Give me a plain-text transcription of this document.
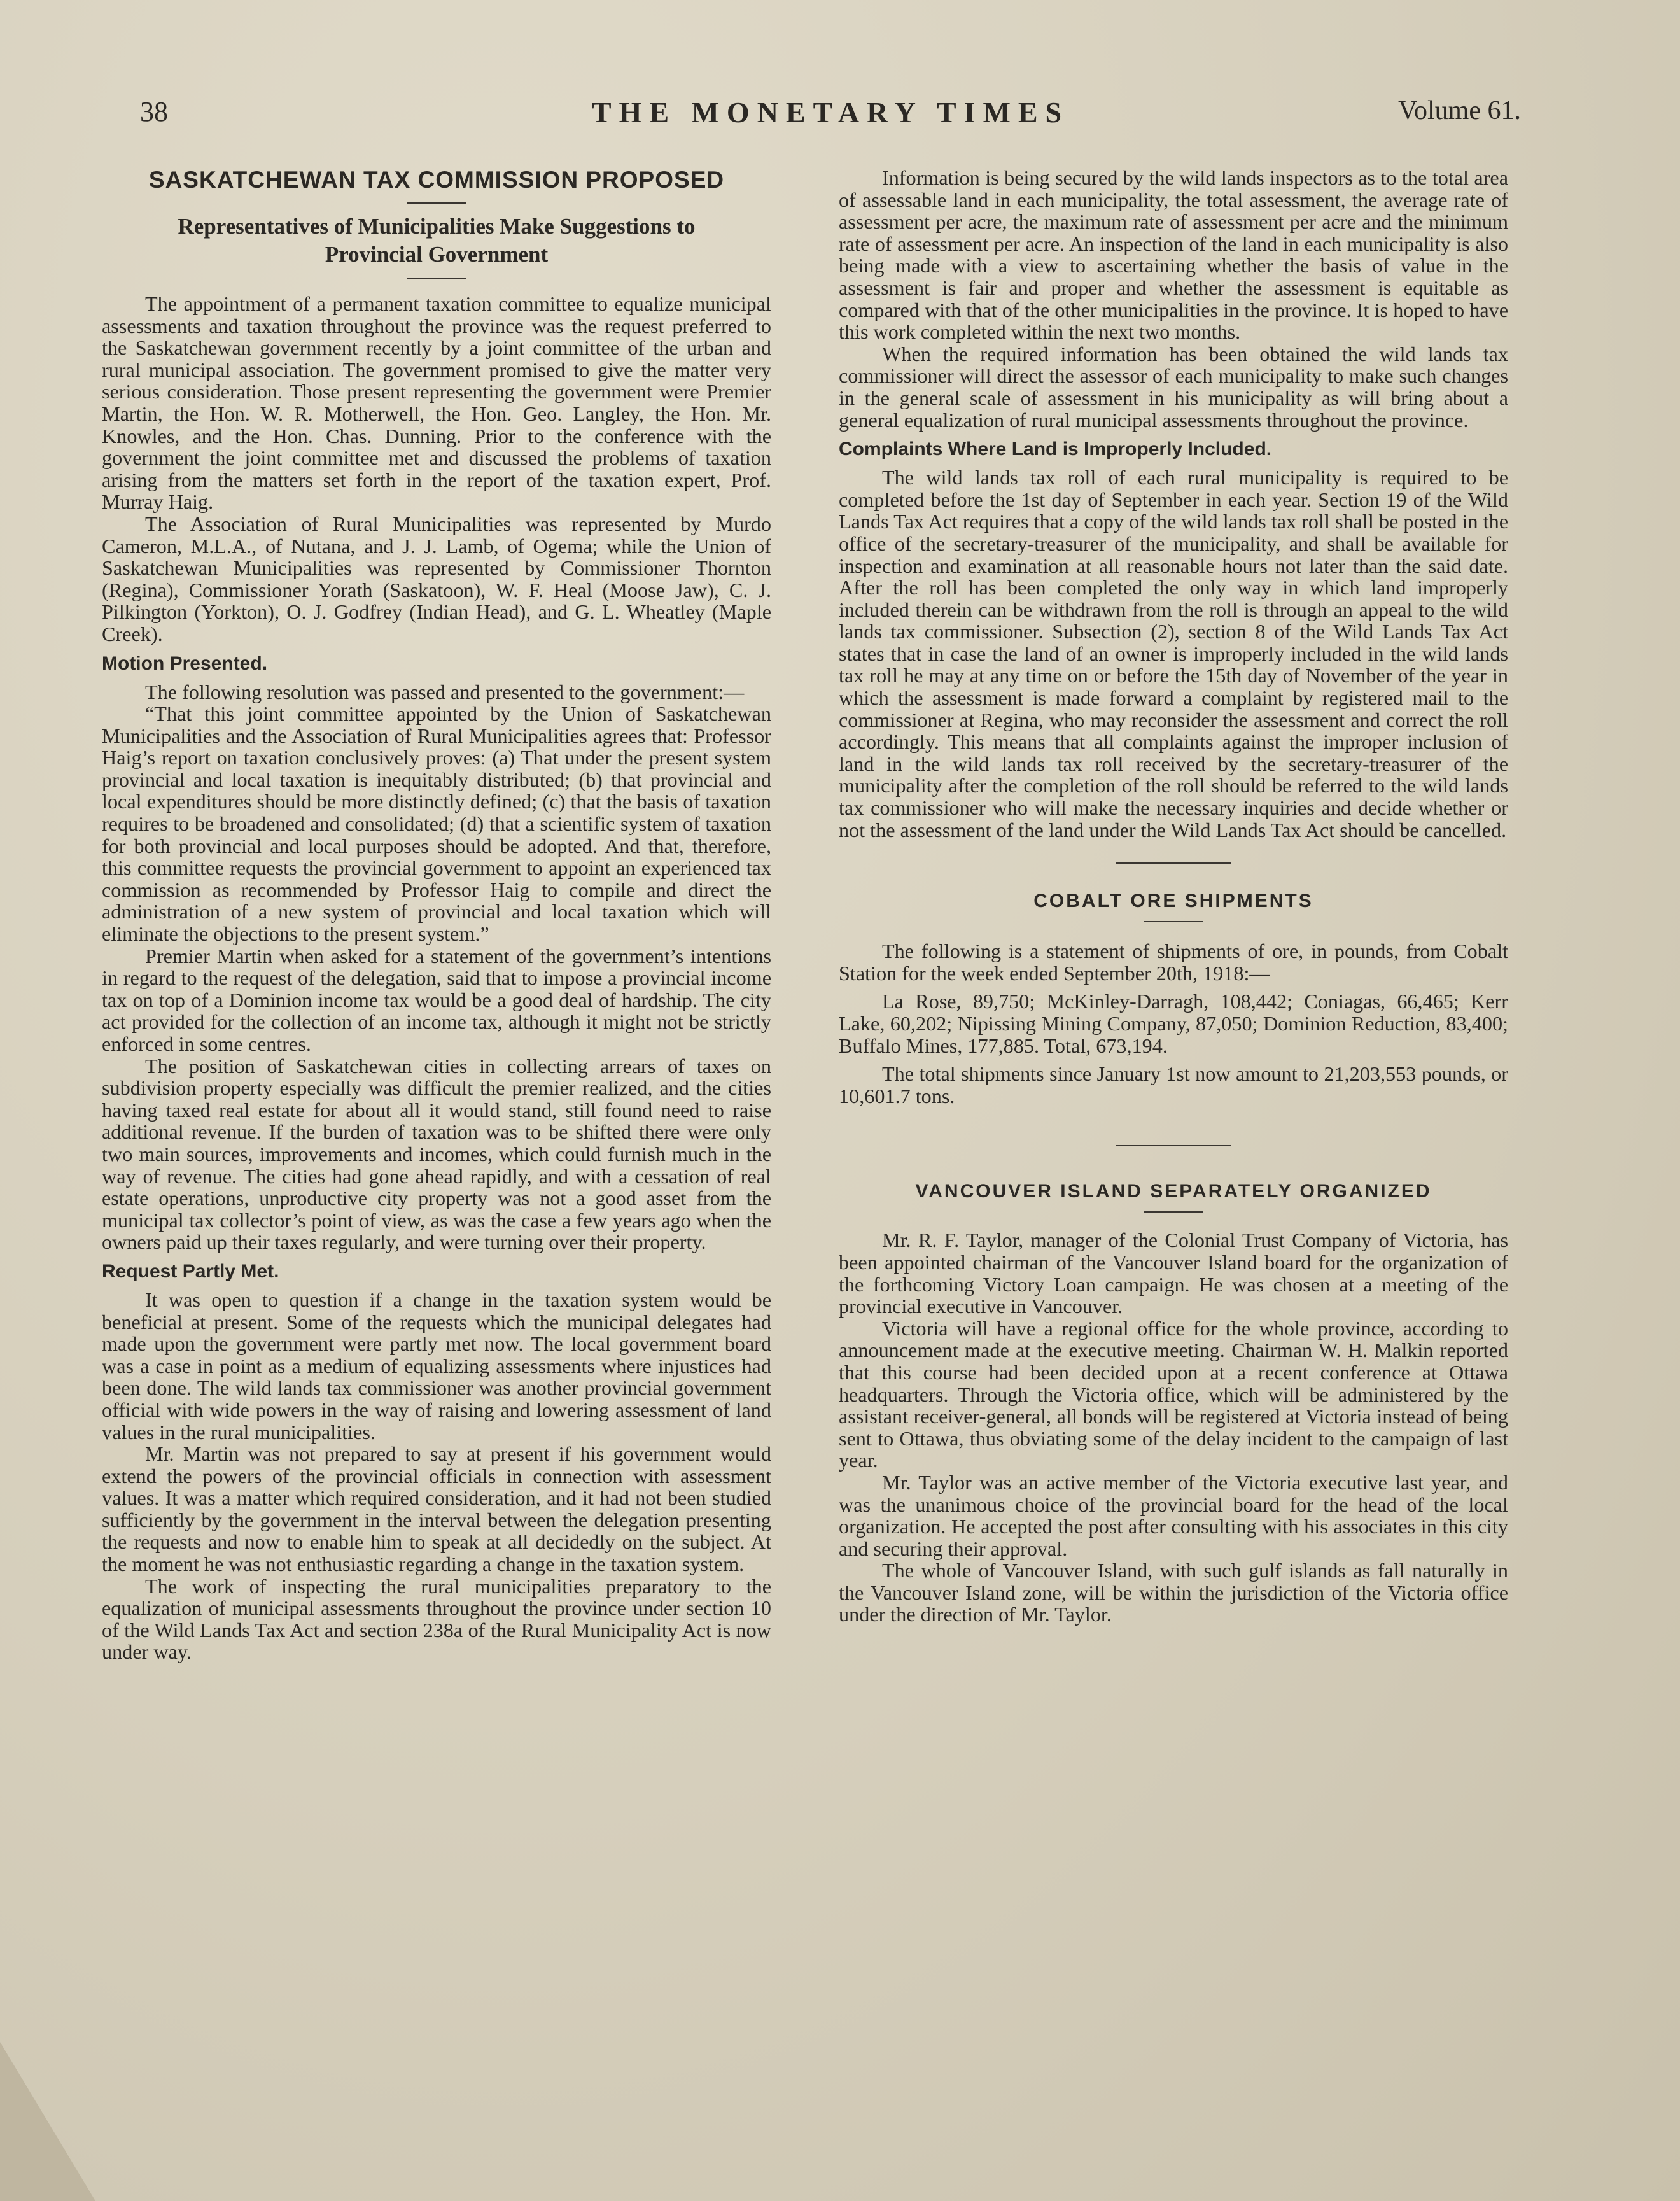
38	THE MONETARY TIMES	Volume 61.
SASKATCHEWAN TAX COMMISSION PROPOSED
Representatives of Municipalities Make Suggestions to
Provincial Government

The appointment of a permanent taxation committee to equalize municipal assessments and taxation throughout the province was the request preferred to the Saskatchewan government recently by a joint committee of the urban and rural municipal association. The government promised to give the matter very serious consideration. Those present representing the government were Premier Martin, the Hon. W. R. Motherwell, the Hon. Geo. Langley, the Hon. Mr. Knowles, and the Hon. Chas. Dunning. Prior to the conference with the government the joint committee met and discussed the problems of taxation arising from the matters set forth in the report of the taxation expert, Prof. Murray Haig.

The Association of Rural Municipalities was represented by Murdo Cameron, M.L.A., of Nutana, and J. J. Lamb, of Ogema; while the Union of Saskatchewan Municipalities was represented by Commissioner Thornton (Regina), Commissioner Yorath (Saskatoon), W. F. Heal (Moose Jaw), C. J. Pilkington (Yorkton), O. J. Godfrey (Indian Head), and G. L. Wheatley (Maple Creek).

Motion Presented.

The following resolution was passed and presented to the government:—

“That this joint committee appointed by the Union of Saskatchewan Municipalities and the Association of Rural Municipalities agrees that: Professor Haig’s report on taxation conclusively proves: (a) That under the present system provincial and local taxation is inequitably distributed; (b) that provincial and local expenditures should be more distinctly defined; (c) that the basis of taxation requires to be broadened and consolidated; (d) that a scientific system of taxation for both provincial and local purposes should be adopted. And that, therefore, this committee requests the provincial government to appoint an experienced tax commission as recommended by Professor Haig to compile and direct the administration of a new system of provincial and local taxation which will eliminate the objections to the present system.”

Premier Martin when asked for a statement of the government’s intentions in regard to the request of the delegation, said that to impose a provincial income tax on top of a Dominion income tax would be a good deal of hardship. The city act provided for the collection of an income tax, although it might not be strictly enforced in some centres.

The position of Saskatchewan cities in collecting arrears of taxes on subdivision property especially was difficult the premier realized, and the cities having taxed real estate for about all it would stand, still found need to raise additional revenue. If the burden of taxation was to be shifted there were only two main sources, improvements and incomes, which could furnish much in the way of revenue. The cities had gone ahead rapidly, and with a cessation of real estate operations, unproductive city property was not a good asset from the municipal tax collector’s point of view, as was the case a few years ago when the owners paid up their taxes regularly, and were turning over their property.

Request Partly Met.

It was open to question if a change in the taxation system would be beneficial at present. Some of the requests which the municipal delegates had made upon the government were partly met now. The local government board was a case in point as a medium of equalizing assessments where injustices had been done. The wild lands tax commissioner was another provincial government official with wide powers in the way of raising and lowering assessment of land values in the rural municipalities.

Mr. Martin was not prepared to say at present if his government would extend the powers of the provincial officials in connection with assessment values. It was a matter which required consideration, and it had not been studied sufficiently by the government in the interval between the delegation presenting the requests and now to enable him to speak at all decidedly on the subject. At the moment he was not enthusiastic regarding a change in the taxation system.

The work of inspecting the rural municipalities preparatory to the equalization of municipal assessments throughout the province under section 10 of the Wild Lands Tax Act and section 238a of the Rural Municipality Act is now under way.

Information is being secured by the wild lands inspectors as to the total area of assessable land in each municipality, the total assessment, the average rate of assessment per acre, the maximum rate of assessment per acre and the minimum rate of assessment per acre. An inspection of the land in each municipality is also being made with a view to ascertaining whether the basis of value in the assessment is fair and proper and whether the assessment is equitable as compared with that of the other municipalities in the province. It is hoped to have this work completed within the next two months.

When the required information has been obtained the wild lands tax commissioner will direct the assessor of each municipality to make such changes in the general scale of assessment in his municipality as will bring about a general equalization of rural municipal assessments throughout the province.

Complaints Where Land is Improperly Included.

The wild lands tax roll of each rural municipality is required to be completed before the 1st day of September in each year. Section 19 of the Wild Lands Tax Act requires that a copy of the wild lands tax roll shall be posted in the office of the secretary-treasurer of the municipality, and shall be available for inspection and examination at all reasonable hours not later than the said date. After the roll has been completed the only way in which land improperly included therein can be withdrawn from the roll is through an appeal to the wild lands tax commissioner. Subsection (2), section 8 of the Wild Lands Tax Act states that in case the land of an owner is improperly included in the wild lands tax roll he may at any time on or before the 15th day of November of the year in which the assessment is made forward a complaint by registered mail to the commissioner at Regina, who may reconsider the assessment and correct the roll accordingly. This means that all complaints against the improper inclusion of land in the wild lands tax roll received by the secretary-treasurer of the municipality after the completion of the roll should be referred to the wild lands tax commissioner who will make the necessary inquiries and decide whether or not the assessment of the land under the Wild Lands Tax Act should be cancelled.

COBALT ORE SHIPMENTS

The following is a statement of shipments of ore, in pounds, from Cobalt Station for the week ended September 20th, 1918:—

La Rose, 89,750; McKinley-Darragh, 108,442; Coniagas, 66,465; Kerr Lake, 60,202; Nipissing Mining Company, 87,050; Dominion Reduction, 83,400; Buffalo Mines, 177,885. Total, 673,194.

The total shipments since January 1st now amount to 21,203,553 pounds, or 10,601.7 tons.

VANCOUVER ISLAND SEPARATELY ORGANIZED

Mr. R. F. Taylor, manager of the Colonial Trust Company of Victoria, has been appointed chairman of the Vancouver Island board for the organization of the forthcoming Victory Loan campaign. He was chosen at a meeting of the provincial executive in Vancouver.

Victoria will have a regional office for the whole province, according to announcement made at the executive meeting. Chairman W. H. Malkin reported that this course had been decided upon at a recent conference at Ottawa headquarters. Through the Victoria office, which will be administered by the assistant receiver-general, all bonds will be registered at Victoria instead of being sent to Ottawa, thus obviating some of the delay incident to the campaign of last year.

Mr. Taylor was an active member of the Victoria executive last year, and was the unanimous choice of the provincial board for the head of the local organization. He accepted the post after consulting with his associates in this city and securing their approval.

The whole of Vancouver Island, with such gulf islands as fall naturally in the Vancouver Island zone, will be within the jurisdiction of the Victoria office under the direction of Mr. Taylor.
